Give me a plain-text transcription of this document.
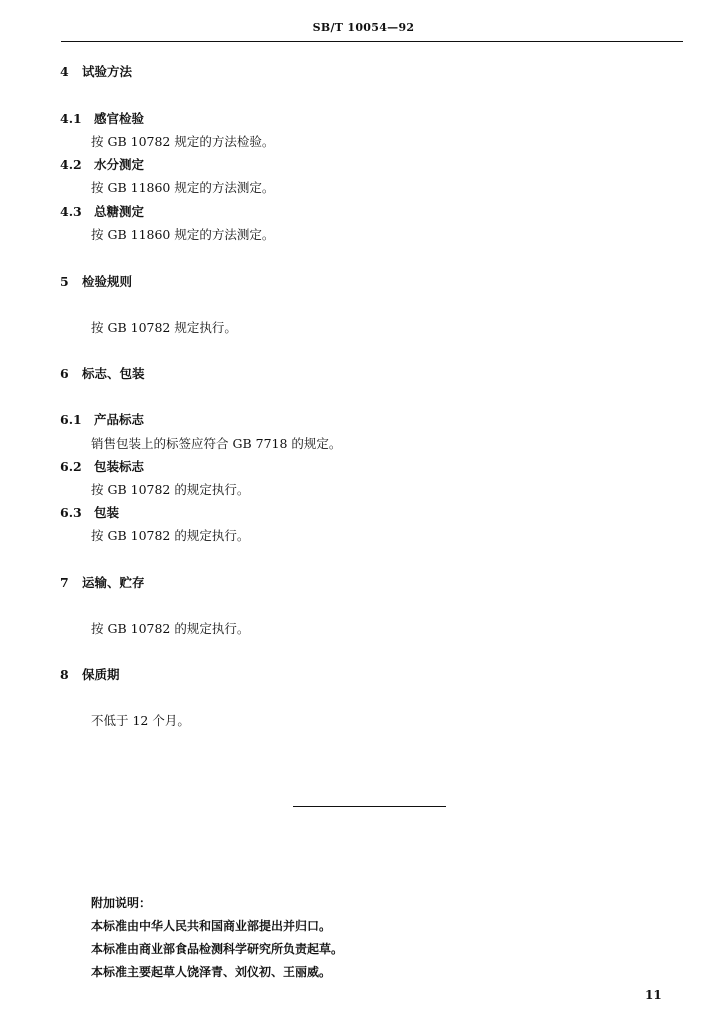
SB/T 10054—92
4 试验方法
4.1 感官检验
按 GB 10782 规定的方法检验。
4.2 水分测定
按 GB 11860 规定的方法测定。
4.3 总糖测定
按 GB 11860 规定的方法测定。
5 检验规则
按 GB 10782 规定执行。
6 标志、包装
6.1 产品标志
销售包装上的标签应符合 GB 7718 的规定。
6.2 包装标志
按 GB 10782 的规定执行。
6.3 包装
按 GB 10782 的规定执行。
7 运输、贮存
按 GB 10782 的规定执行。
8 保质期
不低于 12 个月。
附加说明：
本标准由中华人民共和国商业部提出并归口。
本标准由商业部食品检测科学研究所负责起草。
本标准主要起草人饶泽青、刘仪初、王丽威。
11
